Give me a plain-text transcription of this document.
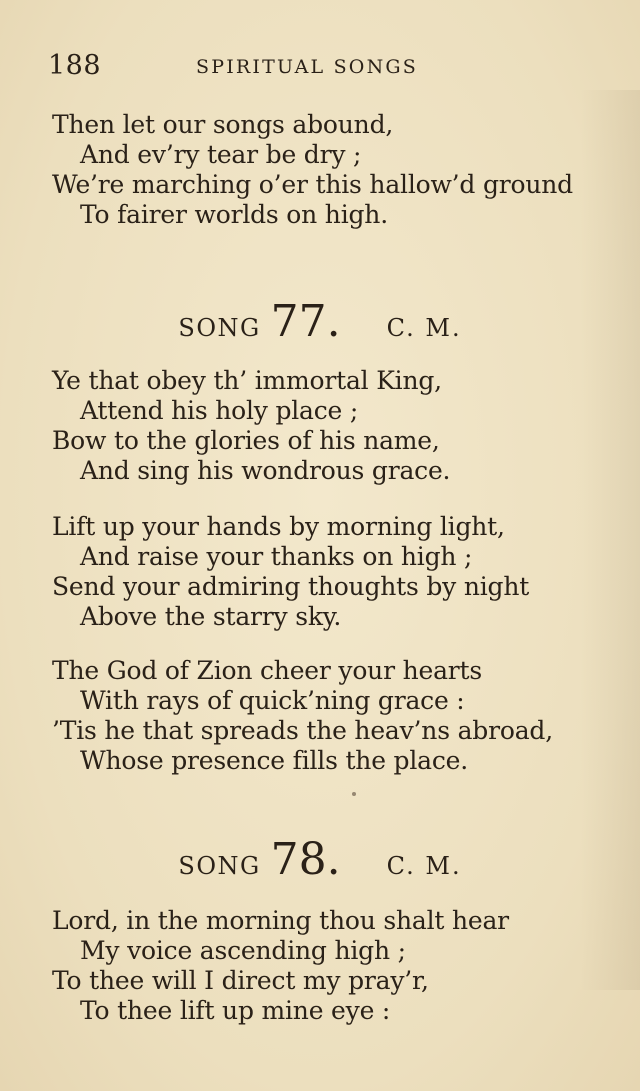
188	SPIRITUAL SONGS
Then let our songs abound,
And ev’ry tear be dry ;
We’re marching o’er this hallow’d ground
To fairer worlds on high.
SONG 77. C. M.
Ye that obey th’ immortal King,
Attend his holy place ;
Bow to the glories of his name,
And sing his wondrous grace.
Lift up your hands by morning light,
And raise your thanks on high ;
Send your admiring thoughts by night
Above the starry sky.
The God of Zion cheer your hearts
With rays of quick’ning grace :
’Tis he that spreads the heav’ns abroad,
Whose presence fills the place.
SONG 78. C. M.
Lord, in the morning thou shalt hear
My voice ascending high ;
To thee will I direct my pray’r,
To thee lift up mine eye :
